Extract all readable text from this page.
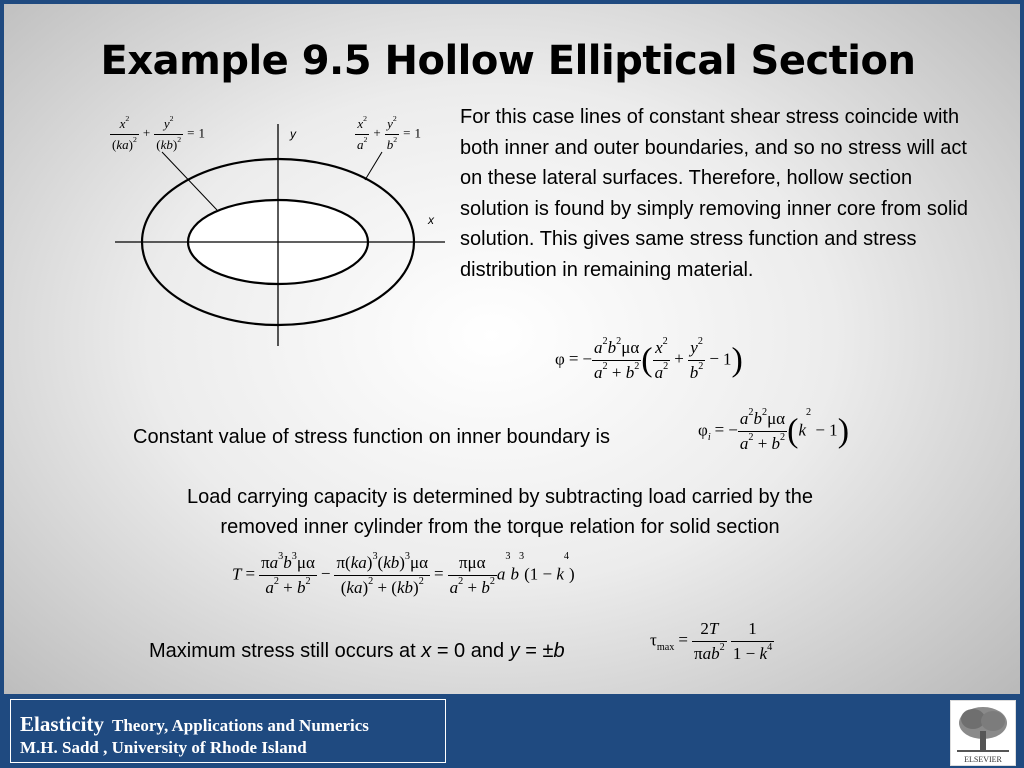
Example 9.5 Hollow Elliptical Section
y
x
$\frac{x^2}{(ka)^2} + \frac{y^2}{(kb)^2} = 1$	$\frac{x^2}{a^2} + \frac{y^2}{b^2} = 1$

For this case lines of constant shear stress coincide with both inner and outer boundaries, and so no stress will act on these lateral surfaces. Therefore, hollow section solution is found by simply removing inner core from solid solution. This gives same stress function and stress distribution in remaining material.

φ = − $\frac{a^2b^2\mu\alpha}{a^2 + b^2}$ ( $\frac{x^2}{a^2} + \frac{y^2}{b^2} - 1$)

Constant value of stress function on inner boundary is	$\varphi_i$ = − $\frac{a^2b^2\mu\alpha}{a^2 + b^2} (k^2 - 1)$

Load carrying capacity is determined by subtracting load carried by the

removed inner cylinder from the torque relation for solid section

$T = \frac{\pi a^3b^3\mu\alpha}{a^2 + b^2} - \frac{\pi(ka)^3(kb)^3\mu\alpha}{(ka)^2 + (kb)^2} = \frac{\text{πμα}}{a^2 + b^2} a^3b^3(1 - k^4)$

Maximum stress still occurs at x = 0 and y = ±b

$\tau_{max} = \frac{2T}{\pi ab^2}$
$\frac{1}{1 - k^4}$
Elasticity Theory, Applications and Numerics
M.H. Sadd , University of Rhode Island
ELSEVIER
